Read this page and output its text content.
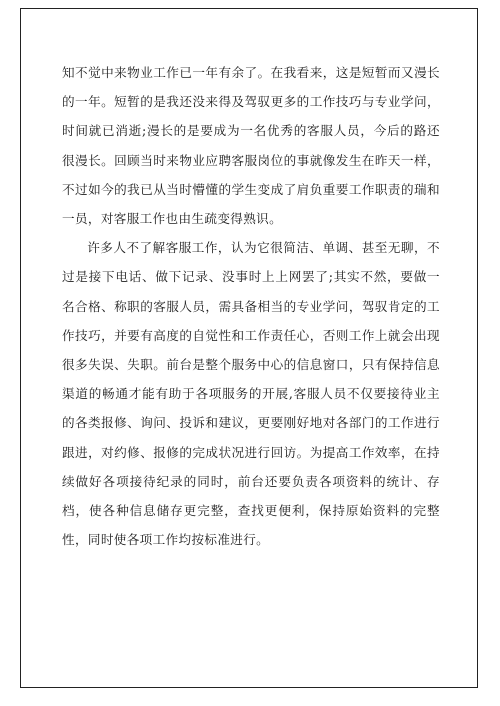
知不觉中来物业工作已一年有余了。在我看来，这是短暂而又漫长的一年。短暂的是我还没来得及驾驭更多的工作技巧与专业学问，时间就已消逝;漫长的是要成为一名优秀的客服人员，今后的路还很漫长。回顾当时来物业应聘客服岗位的事就像发生在昨天一样，不过如今的我已从当时懵懂的学生变成了肩负重要工作职责的瑞和一员，对客服工作也由生疏变得熟识。

许多人不了解客服工作，认为它很简洁、单调、甚至无聊，不过是接下电话、做下记录、没事时上上网罢了;其实不然，要做一名合格、称职的客服人员，需具备相当的专业学问，驾驭肯定的工作技巧，并要有高度的自觉性和工作责任心，否则工作上就会出现很多失误、失职。前台是整个服务中心的信息窗口，只有保持信息渠道的畅通才能有助于各项服务的开展,客服人员不仅要接待业主的各类报修、询问、投诉和建议，更要刚好地对各部门的工作进行跟进，对约修、报修的完成状况进行回访。为提高工作效率，在持续做好各项接待纪录的同时，前台还要负责各项资料的统计、存档，使各种信息储存更完整，查找更便利，保持原始资料的完整性，同时使各项工作均按标准进行。
